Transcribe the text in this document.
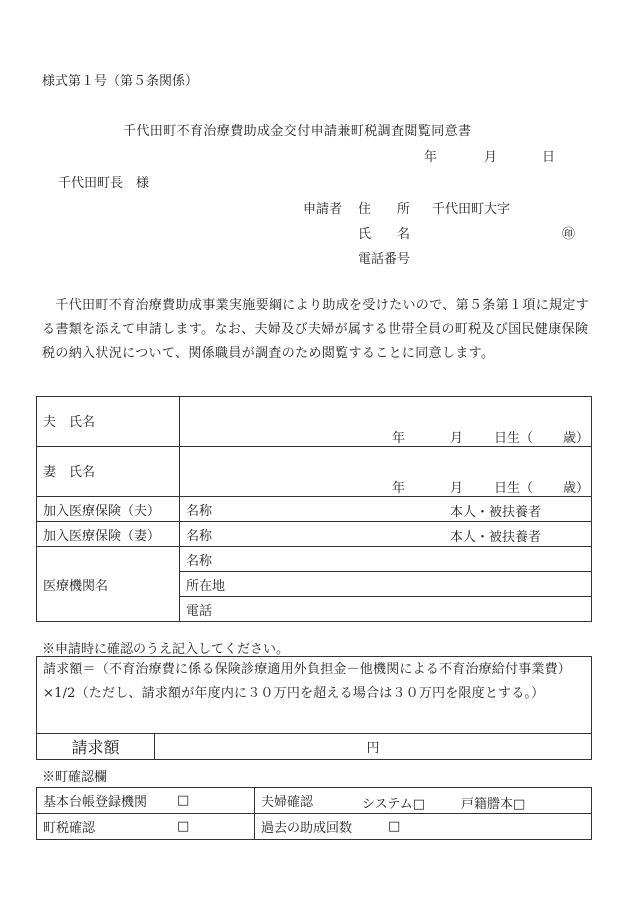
様式第１号（第５条関係）
千代田町不育治療費助成金交付申請兼町税調査閲覧同意書
年	月	日
千代田町長　様
申請者 住　　所 千代田町大字
氏　　名	㊞
電話番号
　千代田町不育治療費助成事業実施要綱により助成を受けたいので、第５条第１項に規定する書類を添えて申請します。なお、夫婦及び夫婦が属する世帯全員の町税及び国民健康保険税の納入状況について、関係職員が調査のため閲覧することに同意します。
夫　氏名	年 月 日生（ 歳）

妻　氏名	年 月 日生（ 歳）

加入医療保険（夫）	名称 本人・被扶養者

加入医療保険（妻）	名称 本人・被扶養者

医療機関名	名称
	所在地
	電話
※申請時に確認のうえ記入してください。
請求額＝（不育治療費に係る保険診療適用外負担金－他機関による不育治療給付事業費）×1/2（ただし、請求額が年度内に３０万円を超える場合は３０万円を限度とする。）
請求額	円
※町確認欄
基本台帳登録機関 □	夫婦確認 システム□ 戸籍謄本□

町税確認 □	過去の助成回数 □
